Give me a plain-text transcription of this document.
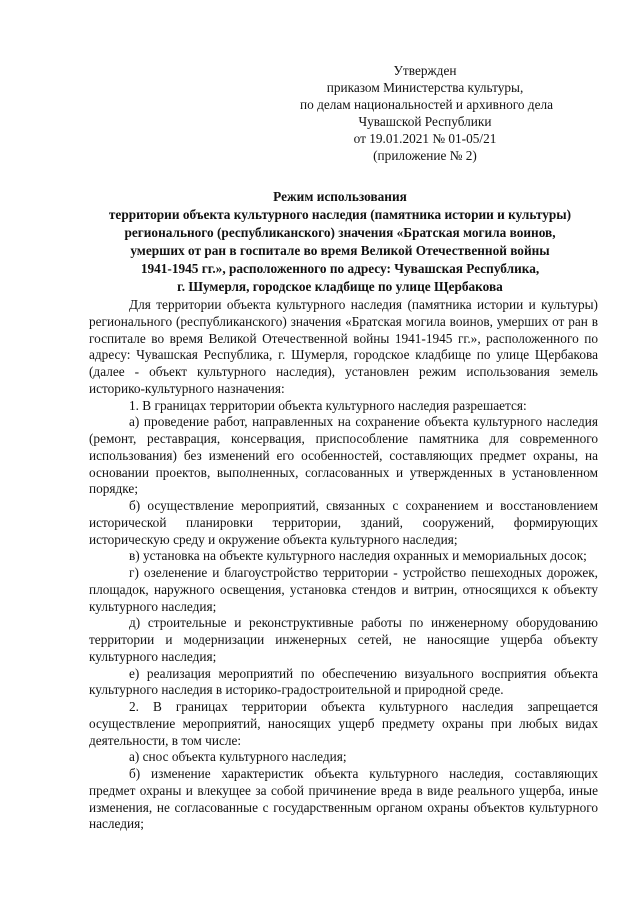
Утвержден
приказом Министерства культуры,
по делам национальностей и архивного дела
Чувашской Республики
от 19.01.2021 № 01-05/21
(приложение № 2)
Режим использования
территории объекта культурного наследия (памятника истории и культуры)
регионального (республиканского) значения «Братская могила воинов,
умерших от ран в госпитале во время Великой Отечественной войны
1941-1945 гг.», расположенного по адресу: Чувашская Республика,
г. Шумерля, городское кладбище по улице Щербакова

Для территории объекта культурного наследия (памятника истории и культуры) регионального (республиканского) значения «Братская могила воинов, умерших от ран в госпитале во время Великой Отечественной войны 1941-1945 гг.», расположенного по адресу: Чувашская Республика, г. Шумерля, городское кладбище по улице Щербакова (далее - объект культурного наследия), установлен режим использования земель историко-культурного назначения:

1. В границах территории объекта культурного наследия разрешается:

а) проведение работ, направленных на сохранение объекта культурного наследия (ремонт, реставрация, консервация, приспособление памятника для современного использования) без изменений его особенностей, составляющих предмет охраны, на основании проектов, выполненных, согласованных и утвержденных в установленном порядке;

б) осуществление мероприятий, связанных с сохранением и восстановлением исторической планировки территории, зданий, сооружений, формирующих историческую среду и окружение объекта культурного наследия;

в) установка на объекте культурного наследия охранных и мемориальных досок;

г) озеленение и благоустройство территории - устройство пешеходных дорожек, площадок, наружного освещения, установка стендов и витрин, относящихся к объекту культурного наследия;

д) строительные и реконструктивные работы по инженерному оборудованию территории и модернизации инженерных сетей, не наносящие ущерба объекту культурного наследия;

е) реализация мероприятий по обеспечению визуального восприятия объекта культурного наследия в историко-градостроительной и природной среде.

2. В границах территории объекта культурного наследия запрещается осуществление мероприятий, наносящих ущерб предмету охраны при любых видах деятельности, в том числе:

а) снос объекта культурного наследия;

б) изменение характеристик объекта культурного наследия, составляющих предмет охраны и влекущее за собой причинение вреда в виде реального ущерба, иные изменения, не согласованные с государственным органом охраны объектов культурного наследия;
